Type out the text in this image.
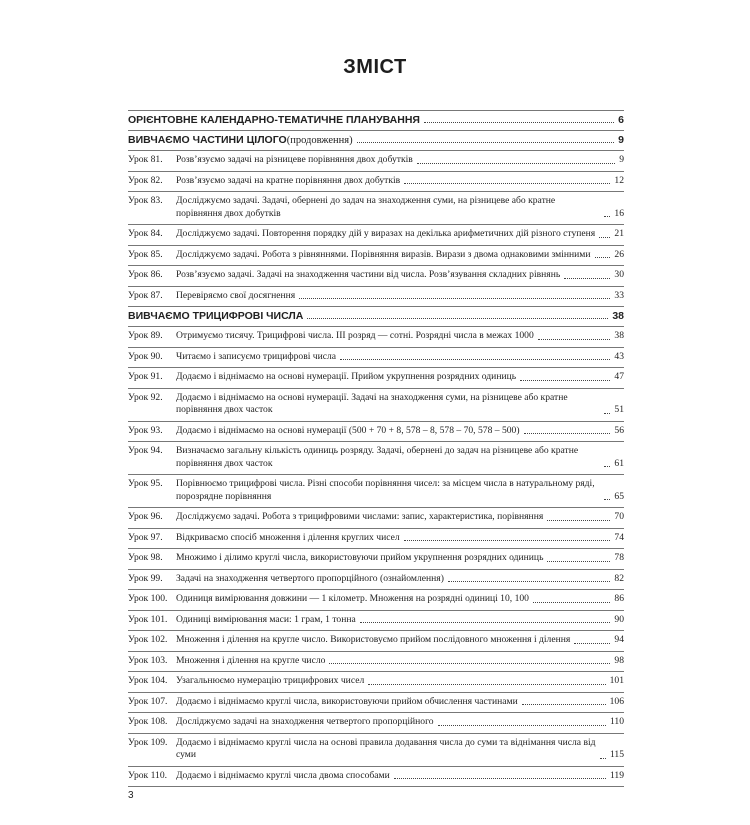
ЗМІСТ
ОРІЄНТОВНЕ КАЛЕНДАРНО-ТЕМАТИЧНЕ ПЛАНУВАННЯ	6
ВИВЧАЄМО ЧАСТИНИ ЦІЛОГО (продовження)	9
Урок 81.	Розв’язуємо задачі на різницеве порівняння двох добутків	9
Урок 82.	Розв’язуємо задачі на кратне порівняння двох добутків	12
Урок 83.	Досліджуємо задачі. Задачі, обернені до задач на знаходження суми, на різницеве або кратне порівняння двох добутків	16
Урок 84.	Досліджуємо задачі. Повторення порядку дій у виразах на декілька арифметичних дій різного ступеня 21
Урок 85.	Досліджуємо задачі. Робота з рівняннями. Порівняння виразів. Вирази з двома однаковими змінними 26
Урок 86.	Розв’язуємо задачі. Задачі на знаходження частини від числа. Розв’язування складних рівнянь	30
Урок 87.	Перевіряємо свої досягнення	33
ВИВЧАЄМО ТРИЦИФРОВІ ЧИСЛА	38
Урок 89.	Отримуємо тисячу. Трицифрові числа. ІІІ розряд — сотні. Розрядні числа в межах 1000	38
Урок 90.	Читаємо і записуємо трицифрові числа	43
Урок 91.	Додаємо і віднімаємо на основі нумерації. Прийом укрупнення розрядних одиниць	47
Урок 92.	Додаємо і віднімаємо на основі нумерації. Задачі на знаходження суми, на різницеве або кратне порівняння двох часток	51
Урок 93.	Додаємо і віднімаємо на основі нумерації (500 + 70 + 8, 578 – 8, 578 – 70, 578 – 500)	56
Урок 94.	Визначаємо загальну кількість одиниць розряду. Задачі, обернені до задач на різницеве або кратне порівняння двох часток	61
Урок 95.	Порівнюємо трицифрові числа. Різні способи порівняння чисел: за місцем числа в натуральному ряді, порозрядне порівняння	65
Урок 96.	Досліджуємо задачі. Робота з трицифровими числами: запис, характеристика, порівняння	70
Урок 97.	Відкриваємо спосіб множення і ділення круглих чисел	74
Урок 98.	Множимо і ділимо круглі числа, використовуючи прийом укрупнення розрядних одиниць	78
Урок 99.	Задачі на знаходження четвертого пропорційного (ознайомлення)	82
Урок 100. Одиниця вимірювання довжини — 1 кілометр. Множення на розрядні одиниці 10, 100	86
Урок 101. Одиниці вимірювання маси: 1 грам, 1 тонна	90
Урок 102. Множення і ділення на кругле число. Використовуємо прийом послідовного множення і ділення	94
Урок 103. Множення і ділення на кругле число	98
Урок 104. Узагальнюємо нумерацію трицифрових чисел	101
Урок 107. Додаємо і віднімаємо круглі числа, використовуючи прийом обчислення частинами	106
Урок 108. Досліджуємо задачі на знаходження четвертого пропорційного	110
Урок 109. Додаємо і віднімаємо круглі числа на основі правила додавання числа до суми та віднімання числа від суми	115
Урок 110. Додаємо і віднімаємо круглі числа двома способами	119
3
